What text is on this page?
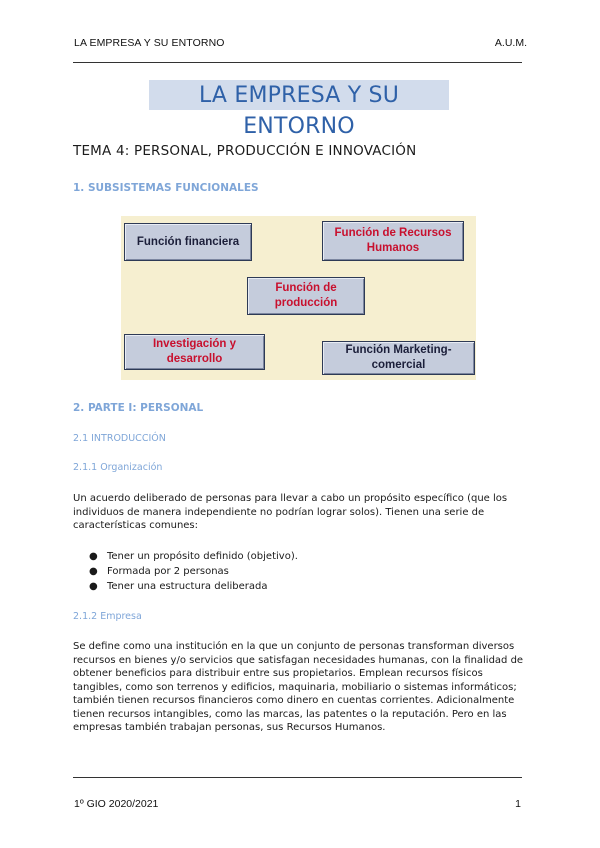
LA EMPRESA Y SU ENTORNO	A.U.M.
LA EMPRESA Y SU ENTORNO
TEMA 4: PERSONAL, PRODUCCIÓN E INNOVACIÓN
1. SUBSISTEMAS FUNCIONALES
Función financiera
Función de Recursos Humanos
Función de producción
Investigación y desarrollo
Función Marketing-comercial
2. PARTE I: PERSONAL
2.1 INTRODUCCIÓN
2.1.1 Organización
Un acuerdo deliberado de personas para llevar a cabo un propósito específico (que los individuos de manera independiente no podrían lograr solos). Tienen una serie de características comunes:
● Tener un propósito definido (objetivo).
● Formada por 2 personas
● Tener una estructura deliberada
2.1.2 Empresa
Se define como una institución en la que un conjunto de personas transforman diversos recursos en bienes y/o servicios que satisfagan necesidades humanas, con la finalidad de obtener beneficios para distribuir entre sus propietarios. Emplean recursos físicos tangibles, como son terrenos y edificios, maquinaria, mobiliario o sistemas informáticos; también tienen recursos financieros como dinero en cuentas corrientes. Adicionalmente tienen recursos intangibles, como las marcas, las patentes o la reputación. Pero en las empresas también trabajan personas, sus Recursos Humanos.
1º GIO 2020/2021	1
